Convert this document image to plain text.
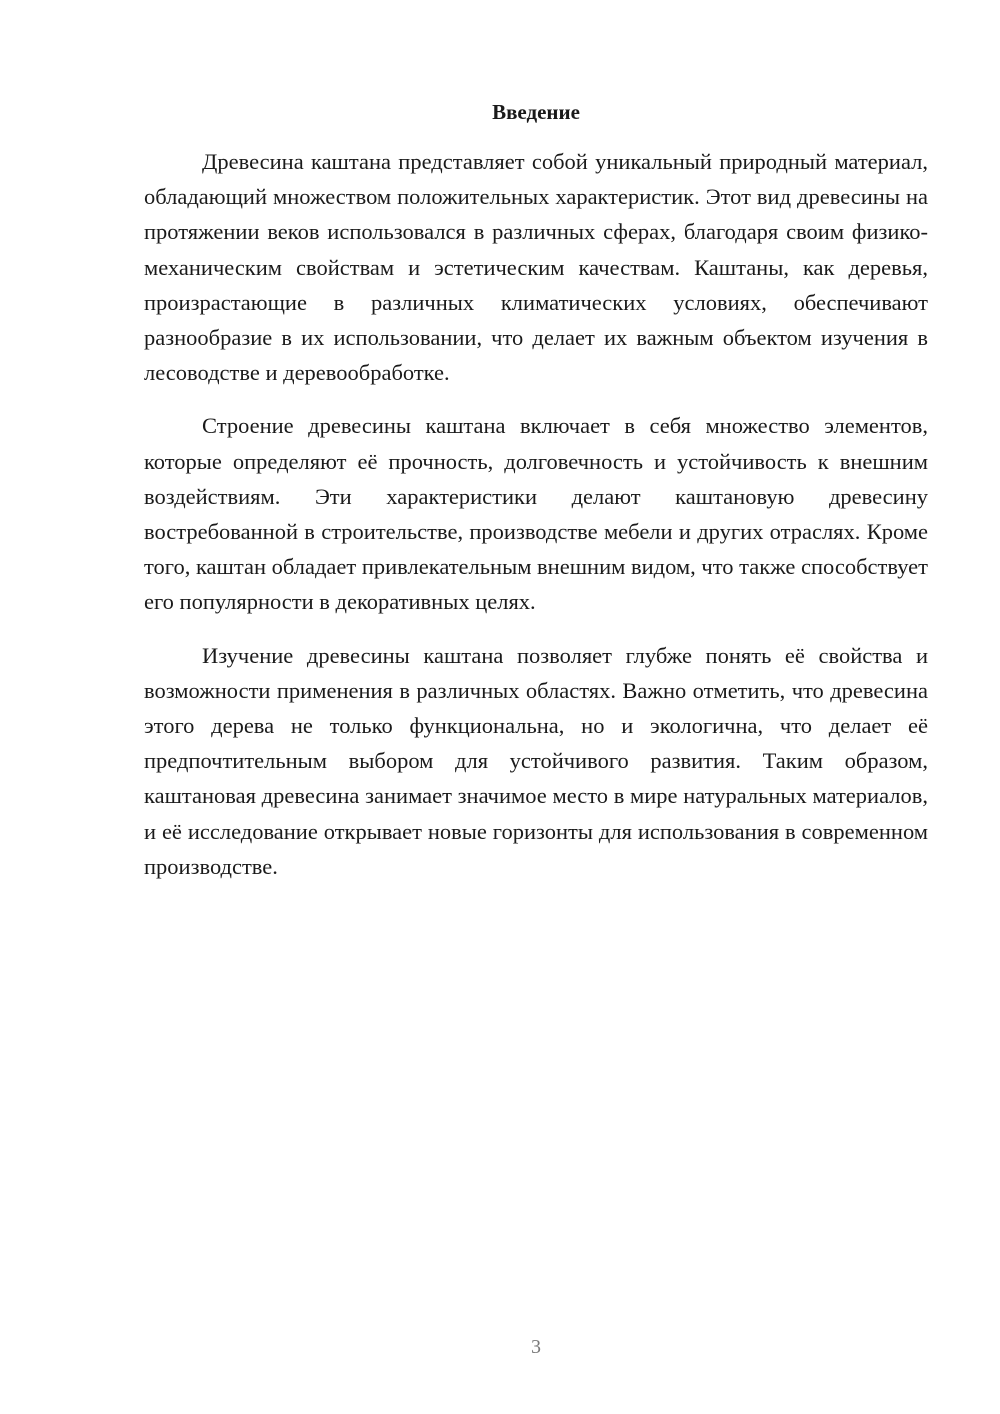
Введение

Древесина каштана представляет собой уникальный природный материал, обладающий множеством положительных характеристик. Этот вид древесины на протяжении веков использовался в различных сферах, благодаря своим физико-механическим свойствам и эстетическим качествам. Каштаны, как деревья, произрастающие в различных климатических условиях, обеспечивают разнообразие в их использовании, что делает их важным объектом изучения в лесоводстве и деревообработке.

Строение древесины каштана включает в себя множество элементов, которые определяют её прочность, долговечность и устойчивость к внешним воздействиям. Эти характеристики делают каштановую древесину востребованной в строительстве, производстве мебели и других отраслях. Кроме того, каштан обладает привлекательным внешним видом, что также способствует его популярности в декоративных целях.

Изучение древесины каштана позволяет глубже понять её свойства и возможности применения в различных областях. Важно отметить, что древесина этого дерева не только функциональна, но и экологична, что делает её предпочтительным выбором для устойчивого развития. Таким образом, каштановая древесина занимает значимое место в мире натуральных материалов, и её исследование открывает новые горизонты для использования в современном производстве.

3
